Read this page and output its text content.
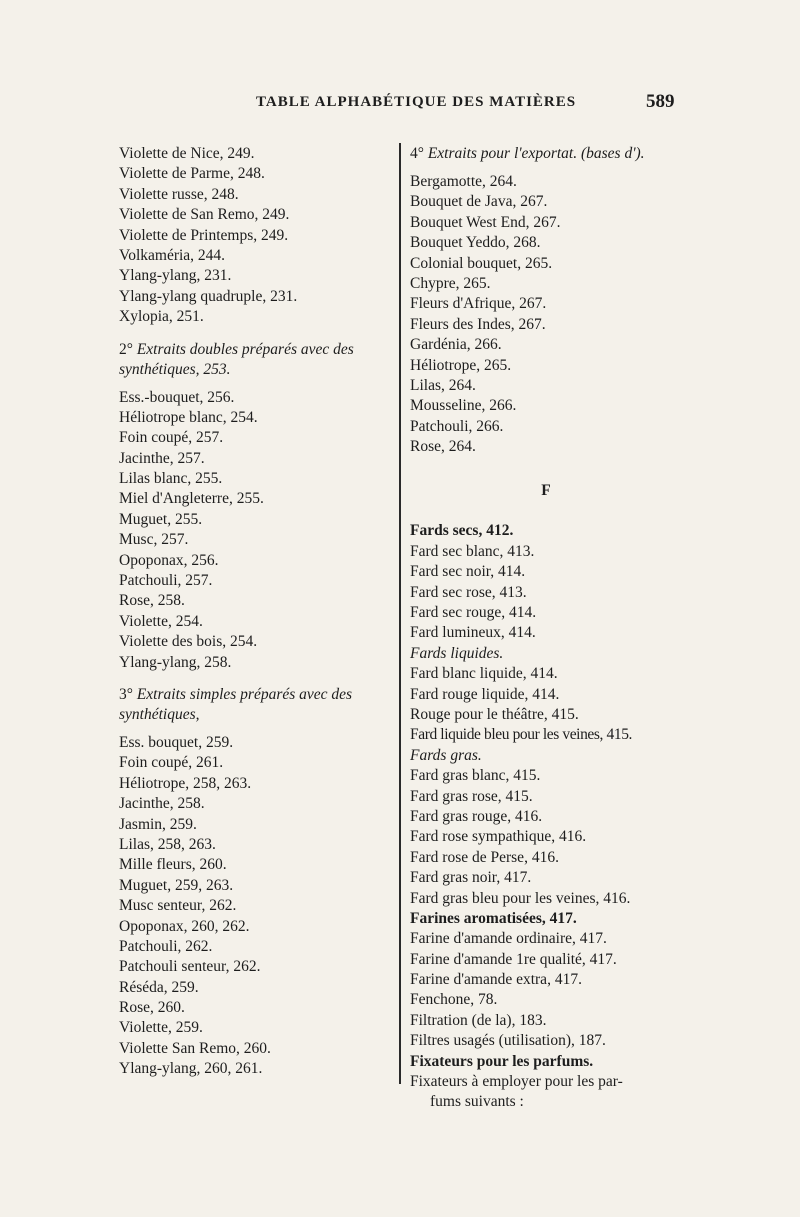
TABLE ALPHABÉTIQUE DES MATIÈRES	589
Violette de Nice, 249.
Violette de Parme, 248.
Violette russe, 248.
Violette de San Remo, 249.
Violette de Printemps, 249.
Volkaméria, 244.
Ylang-ylang, 231.
Ylang-ylang quadruple, 231.
Xylopia, 251.
2° Extraits doubles préparés avec des synthétiques, 253.
Ess.-bouquet, 256.
Héliotrope blanc, 254.
Foin coupé, 257.
Jacinthe, 257.
Lilas blanc, 255.
Miel d'Angleterre, 255.
Muguet, 255.
Musc, 257.
Opoponax, 256.
Patchouli, 257.
Rose, 258.
Violette, 254.
Violette des bois, 254.
Ylang-ylang, 258.
3° Extraits simples préparés avec des synthétiques,
Ess. bouquet, 259.
Foin coupé, 261.
Héliotrope, 258, 263.
Jacinthe, 258.
Jasmin, 259.
Lilas, 258, 263.
Mille fleurs, 260.
Muguet, 259, 263.
Musc senteur, 262.
Opoponax, 260, 262.
Patchouli, 262.
Patchouli senteur, 262.
Réséda, 259.
Rose, 260.
Violette, 259.
Violette San Remo, 260.
Ylang-ylang, 260, 261.
4° Extraits pour l'exportat. (bases d').
Bergamotte, 264.
Bouquet de Java, 267.
Bouquet West End, 267.
Bouquet Yeddo, 268.
Colonial bouquet, 265.
Chypre, 265.
Fleurs d'Afrique, 267.
Fleurs des Indes, 267.
Gardénia, 266.
Héliotrope, 265.
Lilas, 264.
Mousseline, 266.
Patchouli, 266.
Rose, 264.
F
Fards secs, 412.
Fard sec blanc, 413.
Fard sec noir, 414.
Fard sec rose, 413.
Fard sec rouge, 414.
Fard lumineux, 414.
Fards liquides.
Fard blanc liquide, 414.
Fard rouge liquide, 414.
Rouge pour le théâtre, 415.
Fard liquide bleu pour les veines, 415.
Fards gras.
Fard gras blanc, 415.
Fard gras rose, 415.
Fard gras rouge, 416.
Fard rose sympathique, 416.
Fard rose de Perse, 416.
Fard gras noir, 417.
Fard gras bleu pour les veines, 416.
Farines aromatisées, 417.
Farine d'amande ordinaire, 417.
Farine d'amande 1re qualité, 417.
Farine d'amande extra, 417.
Fenchone, 78.
Filtration (de la), 183.
Filtres usagés (utilisation), 187.
Fixateurs pour les parfums.
Fixateurs à employer pour les par-
fums suivants :
